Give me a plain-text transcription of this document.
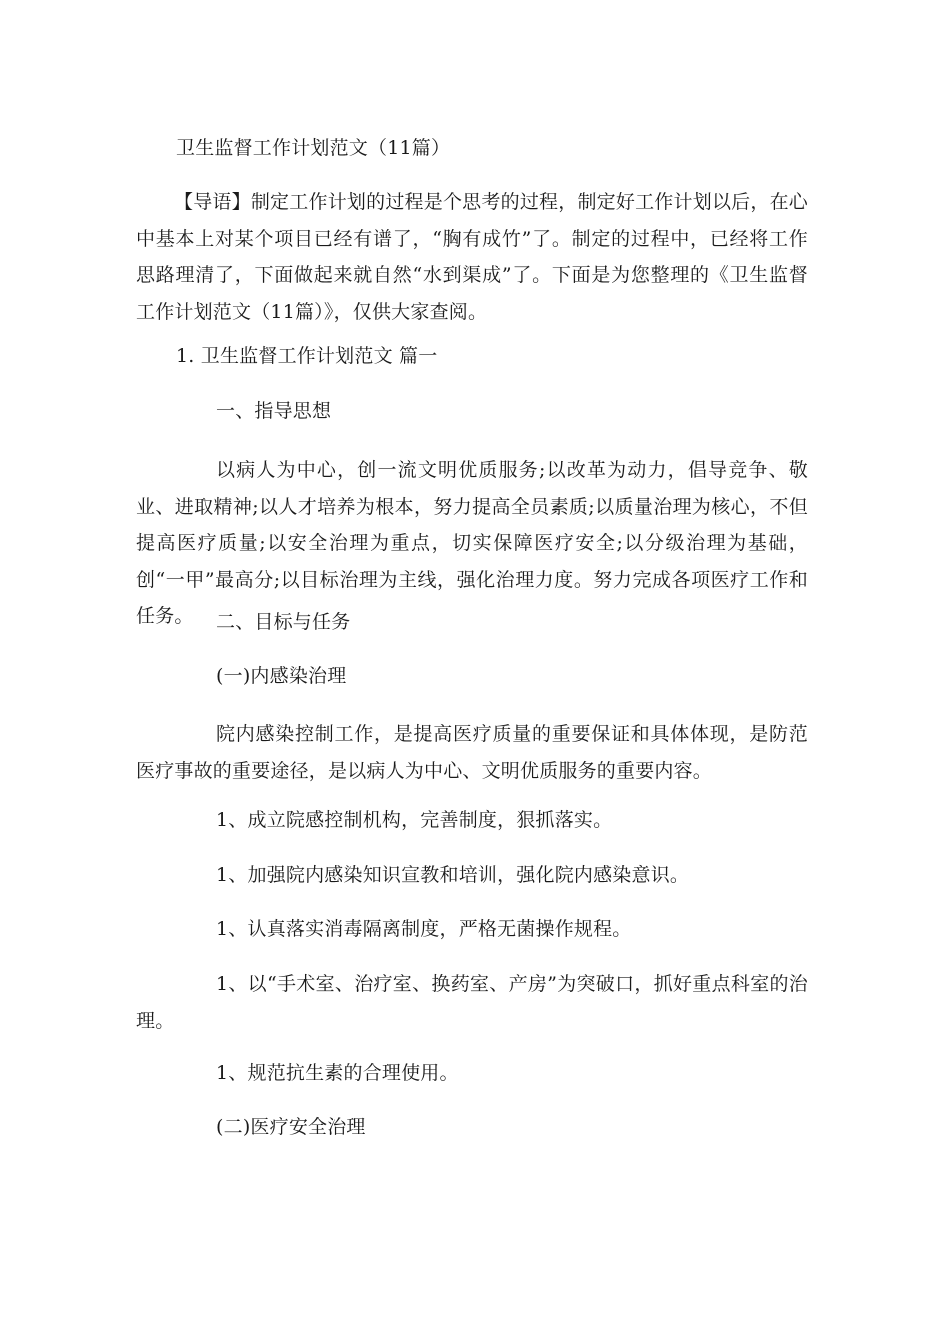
卫生监督工作计划范文（11篇）

【导语】制定工作计划的过程是个思考的过程，制定好工作计划以后，在心中基本上对某个项目已经有谱了，“胸有成竹”了。制定的过程中，已经将工作思路理清了，下面做起来就自然“水到渠成”了。下面是为您整理的《卫生监督工作计划范文（11篇）》，仅供大家查阅。

1. 卫生监督工作计划范文 篇一
一、指导思想

以病人为中心，创一流文明优质服务;以改革为动力，倡导竞争、敬业、进取精神;以人才培养为根本，努力提高全员素质;以质量治理为核心，不但提高医疗质量;以安全治理为重点，切实保障医疗安全;以分级治理为基础，创“一甲”最高分;以目标治理为主线，强化治理力度。努力完成各项医疗工作和任务。	二、目标与任务
(一)内感染治理

院内感染控制工作，是提高医疗质量的重要保证和具体体现，是防范医疗事故的重要途径，是以病人为中心、文明优质服务的重要内容。

1、成立院感控制机构，完善制度，狠抓落实。
1、加强院内感染知识宣教和培训，强化院内感染意识。
1、认真落实消毒隔离制度，严格无菌操作规程。

1、以“手术室、治疗室、换药室、产房”为突破口，抓好重点科室的治理。

1、规范抗生素的合理使用。
(二)医疗安全治理
